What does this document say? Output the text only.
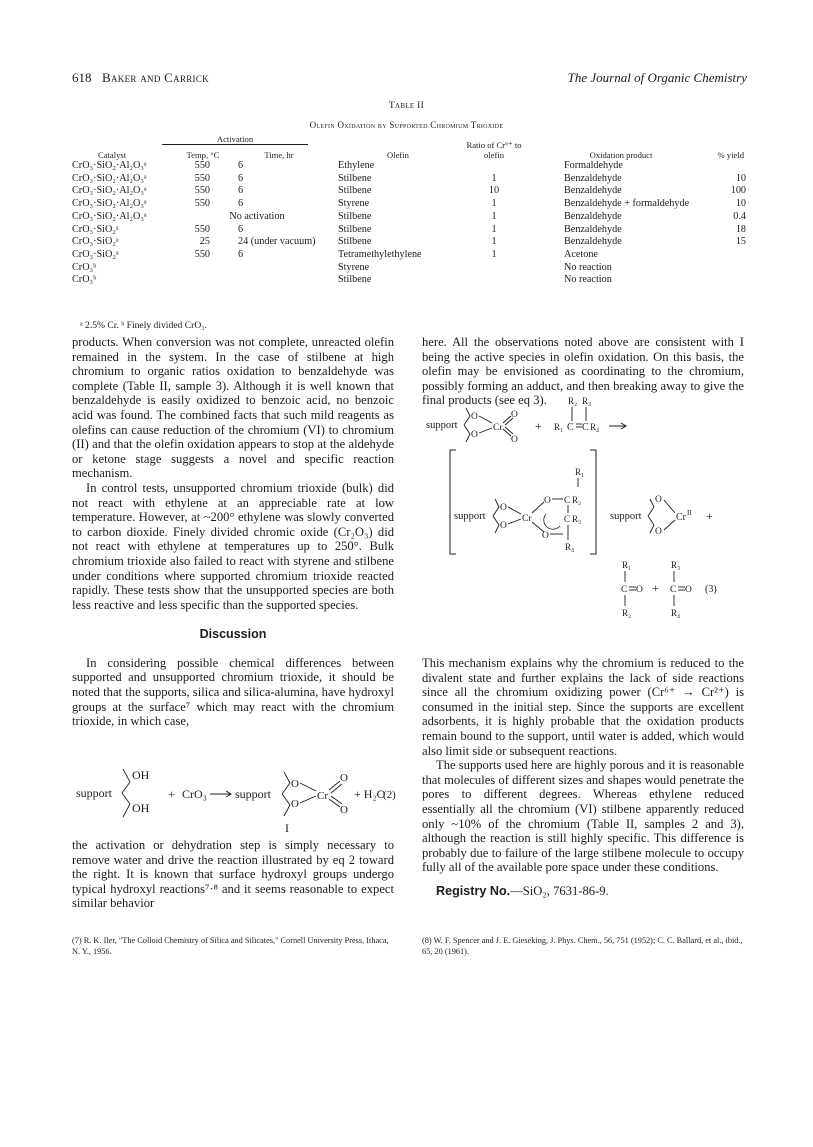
618 Baker and Carrick	The Journal of Organic Chemistry
Table II
Olefin Oxidation by Supported Chromium Trioxide
Activation
Catalyst	Temp, °C	Time, hr	Olefin	Ratio of Cr⁶⁺ to olefin	Oxidation product	% yield
CrO₃·SiO₂·Al₂O₃ᵃ	550	6	Ethylene		Formaldehyde	
CrO₃·SiO₂·Al₂O₃ᵃ	550	6	Stilbene	1	Benzaldehyde	10
CrO₃·SiO₂·Al₂O₃ᵃ	550	6	Stilbene	10	Benzaldehyde	100
CrO₃·SiO₂·Al₂O₃ᵃ	550	6	Styrene	1	Benzaldehyde + formaldehyde	10
CrO₃·SiO₂·Al₂O₃ᵃ	No activation		Stilbene	1	Benzaldehyde	0.4
CrO₃·SiO₂ᵃ	550	6	Stilbene	1	Benzaldehyde	18
CrO₃·SiO₂ᵃ	25	24 (under vacuum)	Stilbene	1	Benzaldehyde	15
CrO₃·SiO₂ᵃ	550	6	Tetramethylethylene	1	Acetone	
CrO₃ᵇ			Styrene		No reaction	
CrO₃ᵇ			Stilbene		No reaction	
ᵃ 2.5% Cr. ᵇ Finely divided CrO₃.

products. When conversion was not complete, unreacted olefin remained in the system. In the case of stilbene at high chromium to organic ratios oxidation to benzaldehyde was complete (Table II, sample 3). Although it is well known that benzaldehyde is easily oxidized to benzoic acid, no benzoic acid was found. The combined facts that such mild reagents as olefins can cause reduction of the chromium (VI) to chromium (II) and that the olefin oxidation appears to stop at the aldehyde or ketone stage suggests a novel and specific reaction mechanism.

In control tests, unsupported chromium trioxide (bulk) did not react with ethylene at an appreciable rate at low temperature. However, at ~200° ethylene was slowly converted to carbon dioxide. Finely divided chromic oxide (Cr₂O₃) did not react with ethylene at temperatures up to 250°. Bulk chromium trioxide also failed to react with styrene and stilbene under conditions where supported chromium trioxide reacted rapidly. These tests show that the unsupported species are both less reactive and less specific than the supported species.

Discussion

In considering possible chemical differences between supported and unsupported chromium trioxide, it should be noted that the supports, silica and silica-alumina, have hydroxyl groups at the surface⁷ which may react with the chromium trioxide, in which case,

support
OH
OH
+ CrO₃ support
O
O
Cr
O
O
+ H₂O
(2)
I

the activation or dehydration step is simply necessary to remove water and drive the reaction illustrated by eq 2 toward the right. It is known that surface hydroxyl groups undergo typical hydroxyl reactions⁷·⁸ and it seems reasonable to expect similar behavior

(7) R. K. Iler, "The Colloid Chemistry of Silica and Silicates," Cornell University Press, Ithaca, N. Y., 1956.

here. All the observations noted above are consistent with I being the active species in olefin oxidation. On this basis, the olefin may be envisioned as coordinating to the chromium, possibly forming an adduct, and then breaking away to give the final products (see eq 3).

support
O
O
Cr
O
O
+
R₂ R₃
R₁ C C R₄
R₁
support
O
O
Cr
O
O
C R₂
C R₃
R₄
support
O
O
Cr II +
R₁
C O
R₂
+
R₃
C O
R₄
(3)

This mechanism explains why the chromium is reduced to the divalent state and further explains the lack of side reactions since all the chromium oxidizing power (Cr⁶⁺ → Cr²⁺) is consumed in the initial step. Since the supports are excellent adsorbents, it is highly probable that the oxidation products remain bound to the support, until water is added, which would also limit side or subsequent reactions.

The supports used here are highly porous and it is reasonable that molecules of different sizes and shapes would penetrate the pores to different degrees. Whereas ethylene reduced essentially all the chromium (VI) stilbene apparently reduced only ~10% of the chromium (Table II, samples 2 and 3), although the reaction is still highly specific. This difference is probably due to failure of the large stilbene molecule to occupy fully all of the available pore space under these conditions.

Registry No.—SiO₂, 7631-86-9.

(8) W. F. Spencer and J. E. Gieseking, J. Phys. Chem., 56, 751 (1952); C. C. Ballard, et al., ibid., 65, 20 (1961).
